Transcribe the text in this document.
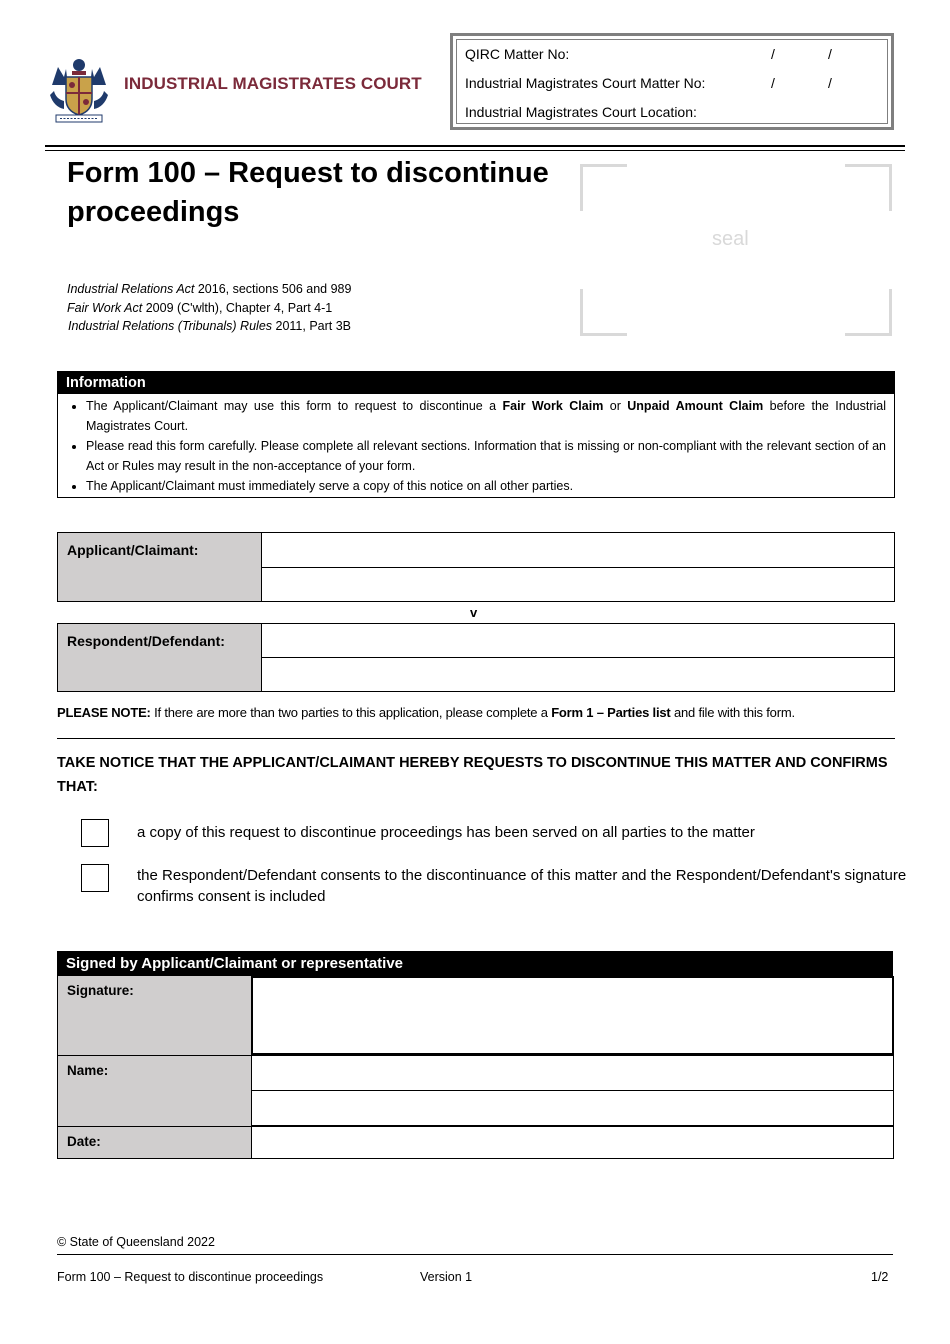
INDUSTRIAL MAGISTRATES COURT
QIRC Matter No:	/	/
Industrial Magistrates Court Matter No:	/	/
Industrial Magistrates Court Location:
Form 100 – Request to discontinue proceedings
seal
Industrial Relations Act 2016, sections 506 and 989
Fair Work Act 2009 (C'wlth), Chapter 4, Part 4-1
Industrial Relations (Tribunals) Rules 2011, Part 3B
Information
• The Applicant/Claimant may use this form to request to discontinue a Fair Work Claim or Unpaid Amount Claim before the Industrial Magistrates Court.
• Please read this form carefully. Please complete all relevant sections. Information that is missing or non-compliant with the relevant section of an Act or Rules may result in the non-acceptance of your form.
• The Applicant/Claimant must immediately serve a copy of this notice on all other parties.
Applicant/Claimant:
v
Respondent/Defendant:
PLEASE NOTE: If there are more than two parties to this application, please complete a Form 1 – Parties list and file with this form.
TAKE NOTICE THAT THE APPLICANT/CLAIMANT HEREBY REQUESTS TO DISCONTINUE THIS MATTER AND CONFIRMS THAT:
a copy of this request to discontinue proceedings has been served on all parties to the matter
the Respondent/Defendant consents to the discontinuance of this matter and the Respondent/Defendant's signature confirms consent is included
Signed by Applicant/Claimant or representative
Signature:
Name:
Date:
© State of Queensland 2022
Form 100 – Request to discontinue proceedings	Version 1	1/2
